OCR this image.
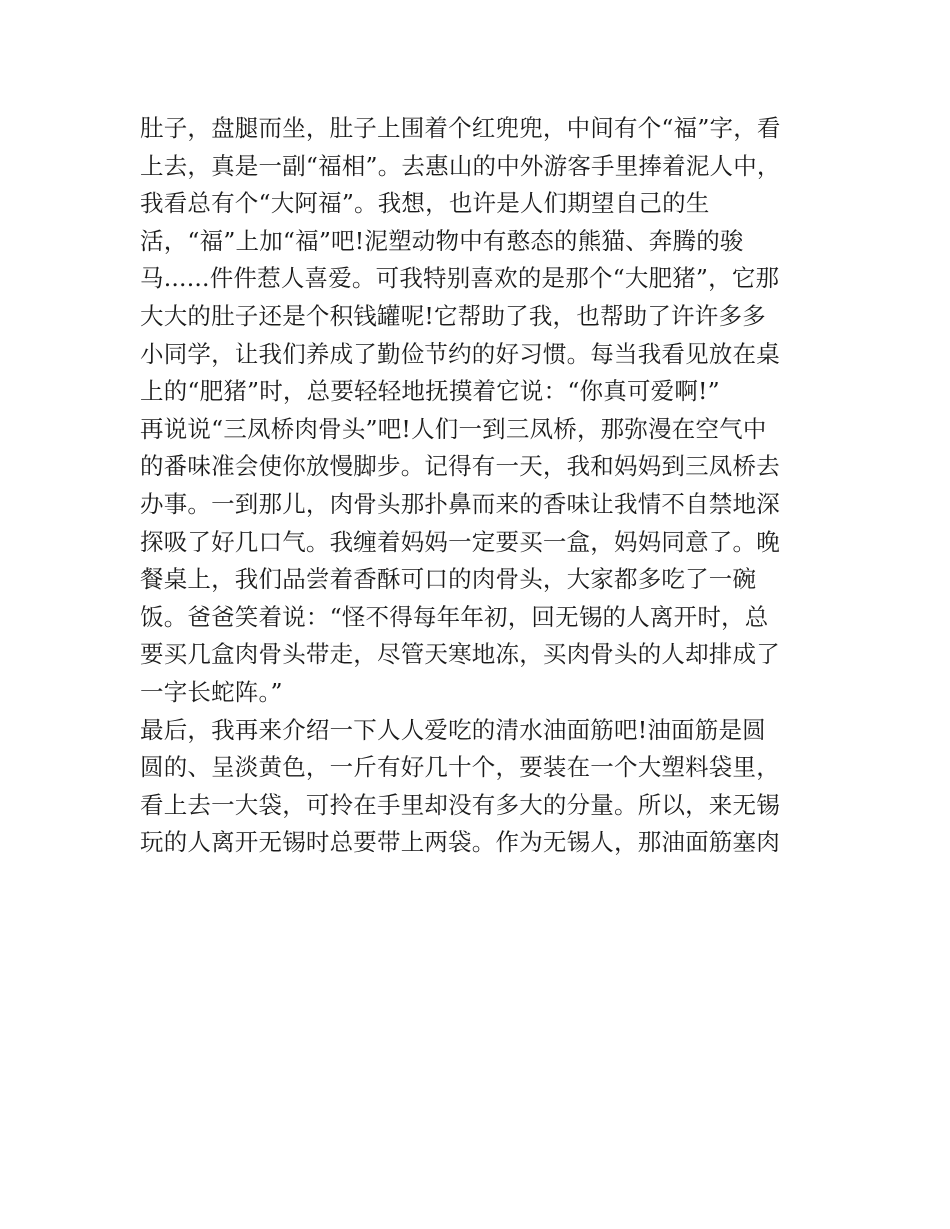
肚子，盘腿而坐，肚子上围着个红兜兜，中间有个“福”字，看
上去，真是一副“福相”。去惠山的中外游客手里捧着泥人中，
我看总有个“大阿福”。我想，也许是人们期望自己的生
活，“福”上加“福”吧!泥塑动物中有憨态的熊猫、奔腾的骏
马......件件惹人喜爱。可我特别喜欢的是那个“大肥猪”，它那
大大的肚子还是个积钱罐呢!它帮助了我，也帮助了许许多多
小同学，让我们养成了勤俭节约的好习惯。每当我看见放在桌
上的“肥猪”时，总要轻轻地抚摸着它说：“你真可爱啊!”
再说说“三凤桥肉骨头”吧!人们一到三凤桥，那弥漫在空气中
的番味准会使你放慢脚步。记得有一天，我和妈妈到三凤桥去
办事。一到那儿，肉骨头那扑鼻而来的香味让我情不自禁地深
探吸了好几口气。我缠着妈妈一定要买一盒，妈妈同意了。晚
餐桌上，我们品尝着香酥可口的肉骨头，大家都多吃了一碗
饭。爸爸笑着说：“怪不得每年年初，回无锡的人离开时，总
要买几盒肉骨头带走，尽管天寒地冻，买肉骨头的人却排成了
一字长蛇阵。”
最后，我再来介绍一下人人爱吃的清水油面筋吧!油面筋是圆
圆的、呈淡黄色，一斤有好几十个，要装在一个大塑料袋里，
看上去一大袋，可拎在手里却没有多大的分量。所以，来无锡
玩的人离开无锡时总要带上两袋。作为无锡人，那油面筋塞肉
